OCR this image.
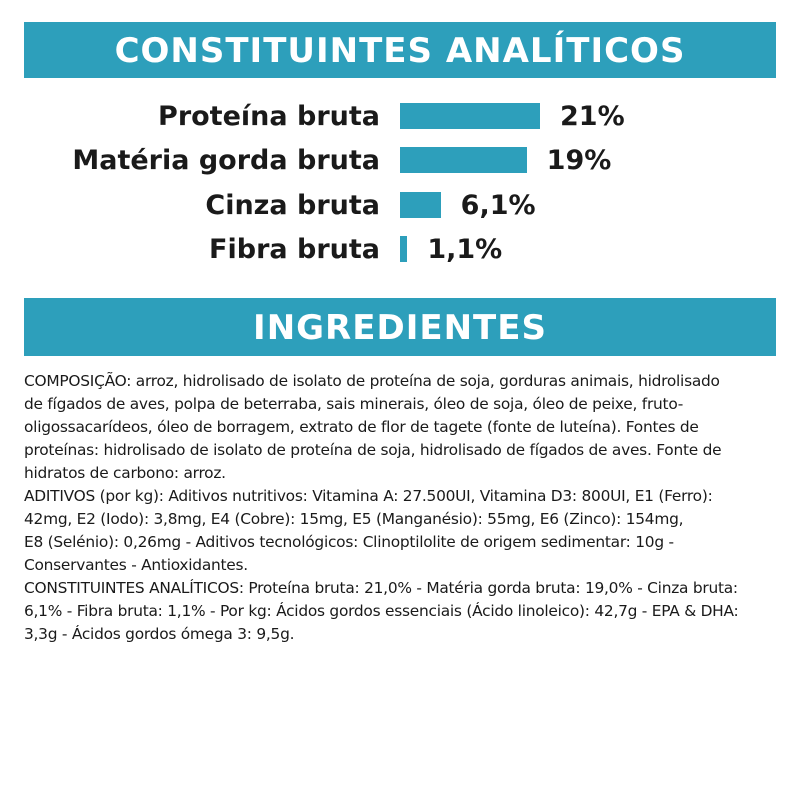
CONSTITUINTES ANALÍTICOS
Proteína bruta	21%
Matéria gorda bruta	19%
Cinza bruta	6,1%
Fibra bruta 1,1%
INGREDIENTES

COMPOSIÇÃO: arroz, hidrolisado de isolato de proteína de soja, gorduras animais, hidrolisado
de fígados de aves, polpa de beterraba, sais minerais, óleo de soja, óleo de peixe, fruto-
oligossacarídeos, óleo de borragem, extrato de flor de tagete (fonte de luteína). Fontes de
proteínas: hidrolisado de isolato de proteína de soja, hidrolisado de fígados de aves. Fonte de
hidratos de carbono: arroz.

ADITIVOS (por kg): Aditivos nutritivos: Vitamina A: 27.500UI, Vitamina D3: 800UI, E1 (Ferro):
42mg, E2 (Iodo): 3,8mg, E4 (Cobre): 15mg, E5 (Manganésio): 55mg, E6 (Zinco): 154mg,
E8 (Selénio): 0,26mg - Aditivos tecnológicos: Clinoptilolite de origem sedimentar: 10g -
Conservantes - Antioxidantes.

CONSTITUINTES ANALÍTICOS: Proteína bruta: 21,0% - Matéria gorda bruta: 19,0% - Cinza bruta:
6,1% - Fibra bruta: 1,1% - Por kg: Ácidos gordos essenciais (Ácido linoleico): 42,7g - EPA & DHA:
3,3g - Ácidos gordos ómega 3: 9,5g.
